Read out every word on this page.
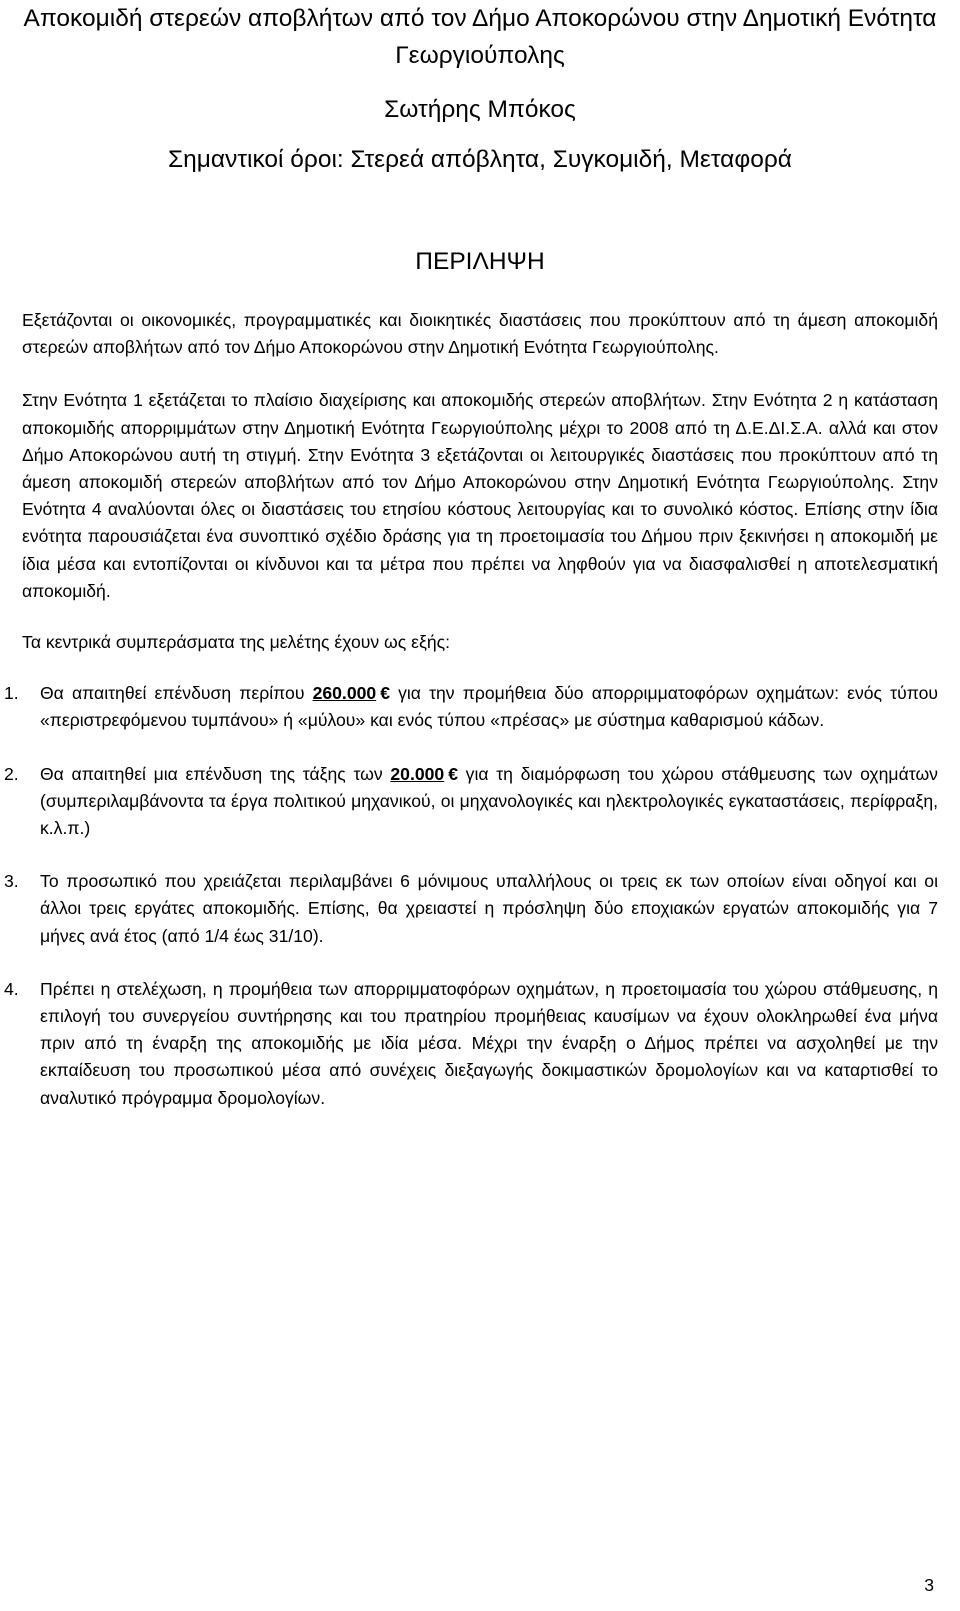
Αποκομιδή στερεών αποβλήτων από τον Δήμο Αποκορώνου στην Δημοτική Ενότητα Γεωργιούπολης

Σωτήρης Μπόκος

Σημαντικοί όροι: Στερεά απόβλητα, Συγκομιδή, Μεταφορά

ΠΕΡΙΛΗΨΗ

Εξετάζονται οι οικονομικές, προγραμματικές και διοικητικές διαστάσεις που προκύπτουν από τη άμεση αποκομιδή στερεών αποβλήτων από τον Δήμο Αποκορώνου στην Δημοτική Ενότητα Γεωργιούπολης.

Στην Ενότητα 1 εξετάζεται το πλαίσιο διαχείρισης και αποκομιδής στερεών αποβλήτων. Στην Ενότητα 2 η κατάσταση αποκομιδής απορριμμάτων στην Δημοτική Ενότητα Γεωργιούπολης μέχρι το 2008 από τη Δ.Ε.ΔΙ.Σ.Α. αλλά και στον Δήμο Αποκορώνου αυτή τη στιγμή. Στην Ενότητα 3 εξετάζονται οι λειτουργικές διαστάσεις που προκύπτουν από τη άμεση αποκομιδή στερεών αποβλήτων από τον Δήμο Αποκορώνου στην Δημοτική Ενότητα Γεωργιούπολης. Στην Ενότητα 4 αναλύονται όλες οι διαστάσεις του ετησίου κόστους λειτουργίας και το συνολικό κόστος. Επίσης στην ίδια ενότητα παρουσιάζεται ένα συνοπτικό σχέδιο δράσης για τη προετοιμασία του Δήμου πριν ξεκινήσει η αποκομιδή με ίδια μέσα και εντοπίζονται οι κίνδυνοι και τα μέτρα που πρέπει να ληφθούν για να διασφαλισθεί η αποτελεσματική αποκομιδή.

Τα κεντρικά συμπεράσματα της μελέτης έχουν ως εξής:

1.	Θα απαιτηθεί επένδυση περίπου 260.000 € για την προμήθεια δύο απορριμματοφόρων οχημάτων: ενός τύπου «περιστρεφόμενου τυμπάνου» ή «μύλου» και ενός τύπου «πρέσας» με σύστημα καθαρισμού κάδων.
2.	Θα απαιτηθεί μια επένδυση της τάξης των 20.000 € για τη διαμόρφωση του χώρου στάθμευσης των οχημάτων (συμπεριλαμβάνοντα τα έργα πολιτικού μηχανικού, οι μηχανολογικές και ηλεκτρολογικές εγκαταστάσεις, περίφραξη, κ.λ.π.)
3.	Το προσωπικό που χρειάζεται περιλαμβάνει 6 μόνιμους υπαλλήλους οι τρεις εκ των οποίων είναι οδηγοί και οι άλλοι τρεις εργάτες αποκομιδής. Επίσης, θα χρειαστεί η πρόσληψη δύο εποχιακών εργατών αποκομιδής για 7 μήνες ανά έτος (από 1/4 έως 31/10).
4.	Πρέπει η στελέχωση, η προμήθεια των απορριμματοφόρων οχημάτων, η προετοιμασία του χώρου στάθμευσης, η επιλογή του συνεργείου συντήρησης και του πρατηρίου προμήθειας καυσίμων να έχουν ολοκληρωθεί ένα μήνα πριν από τη έναρξη της αποκομιδής με ιδία μέσα. Μέχρι την έναρξη ο Δήμος πρέπει να ασχοληθεί με την εκπαίδευση του προσωπικού μέσα από συνέχεις διεξαγωγής δοκιμαστικών δρομολογίων και να καταρτισθεί το αναλυτικό πρόγραμμα δρομολογίων.
3
